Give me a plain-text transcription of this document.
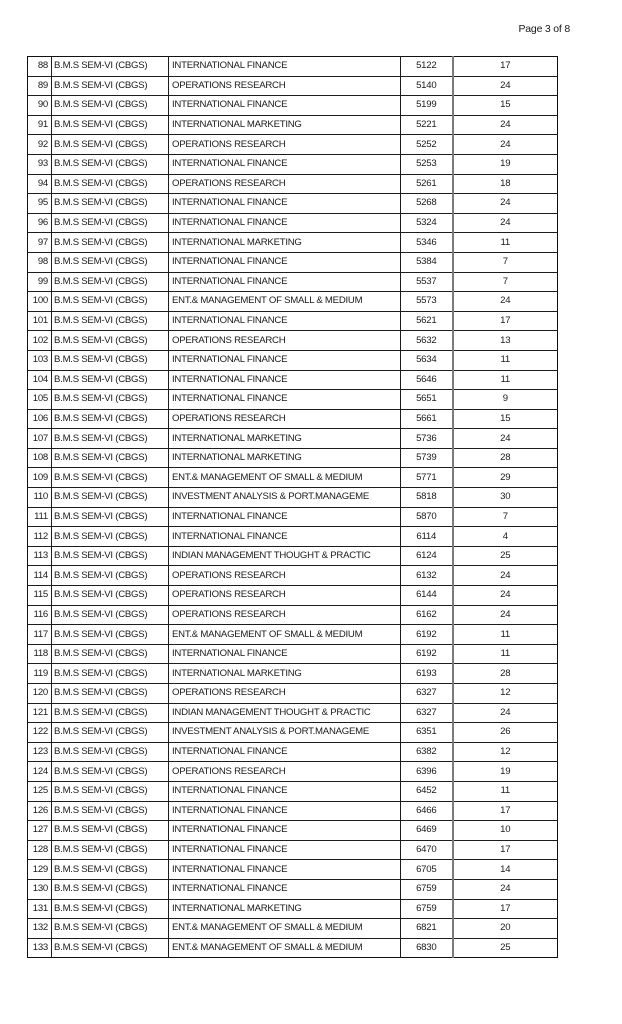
Page 3 of 8
88	B.M.S SEM-VI (CBGS)	INTERNATIONAL FINANCE	5122	17
89	B.M.S SEM-VI (CBGS)	OPERATIONS RESEARCH	5140	24
90	B.M.S SEM-VI (CBGS)	INTERNATIONAL FINANCE	5199	15
91	B.M.S SEM-VI (CBGS)	INTERNATIONAL MARKETING	5221	24
92	B.M.S SEM-VI (CBGS)	OPERATIONS RESEARCH	5252	24
93	B.M.S SEM-VI (CBGS)	INTERNATIONAL FINANCE	5253	19
94	B.M.S SEM-VI (CBGS)	OPERATIONS RESEARCH	5261	18
95	B.M.S SEM-VI (CBGS)	INTERNATIONAL FINANCE	5268	24
96	B.M.S SEM-VI (CBGS)	INTERNATIONAL FINANCE	5324	24
97	B.M.S SEM-VI (CBGS)	INTERNATIONAL MARKETING	5346	11
98	B.M.S SEM-VI (CBGS)	INTERNATIONAL FINANCE	5384	7
99	B.M.S SEM-VI (CBGS)	INTERNATIONAL FINANCE	5537	7
100	B.M.S SEM-VI (CBGS)	ENT.& MANAGEMENT OF SMALL & MEDIUM	5573	24
101	B.M.S SEM-VI (CBGS)	INTERNATIONAL FINANCE	5621	17
102	B.M.S SEM-VI (CBGS)	OPERATIONS RESEARCH	5632	13
103	B.M.S SEM-VI (CBGS)	INTERNATIONAL FINANCE	5634	11
104	B.M.S SEM-VI (CBGS)	INTERNATIONAL FINANCE	5646	11
105	B.M.S SEM-VI (CBGS)	INTERNATIONAL FINANCE	5651	9
106	B.M.S SEM-VI (CBGS)	OPERATIONS RESEARCH	5661	15
107	B.M.S SEM-VI (CBGS)	INTERNATIONAL MARKETING	5736	24
108	B.M.S SEM-VI (CBGS)	INTERNATIONAL MARKETING	5739	28
109	B.M.S SEM-VI (CBGS)	ENT.& MANAGEMENT OF SMALL & MEDIUM	5771	29
110	B.M.S SEM-VI (CBGS)	INVESTMENT ANALYSIS & PORT.MANAGEME	5818	30
111	B.M.S SEM-VI (CBGS)	INTERNATIONAL FINANCE	5870	7
112	B.M.S SEM-VI (CBGS)	INTERNATIONAL FINANCE	6114	4
113	B.M.S SEM-VI (CBGS)	INDIAN MANAGEMENT THOUGHT & PRACTIC	6124	25
114	B.M.S SEM-VI (CBGS)	OPERATIONS RESEARCH	6132	24
115	B.M.S SEM-VI (CBGS)	OPERATIONS RESEARCH	6144	24
116	B.M.S SEM-VI (CBGS)	OPERATIONS RESEARCH	6162	24
117	B.M.S SEM-VI (CBGS)	ENT.& MANAGEMENT OF SMALL & MEDIUM	6192	11
118	B.M.S SEM-VI (CBGS)	INTERNATIONAL FINANCE	6192	11
119	B.M.S SEM-VI (CBGS)	INTERNATIONAL MARKETING	6193	28
120	B.M.S SEM-VI (CBGS)	OPERATIONS RESEARCH	6327	12
121	B.M.S SEM-VI (CBGS)	INDIAN MANAGEMENT THOUGHT & PRACTIC	6327	24
122	B.M.S SEM-VI (CBGS)	INVESTMENT ANALYSIS & PORT.MANAGEME	6351	26
123	B.M.S SEM-VI (CBGS)	INTERNATIONAL FINANCE	6382	12
124	B.M.S SEM-VI (CBGS)	OPERATIONS RESEARCH	6396	19
125	B.M.S SEM-VI (CBGS)	INTERNATIONAL FINANCE	6452	11
126	B.M.S SEM-VI (CBGS)	INTERNATIONAL FINANCE	6466	17
127	B.M.S SEM-VI (CBGS)	INTERNATIONAL FINANCE	6469	10
128	B.M.S SEM-VI (CBGS)	INTERNATIONAL FINANCE	6470	17
129	B.M.S SEM-VI (CBGS)	INTERNATIONAL FINANCE	6705	14
130	B.M.S SEM-VI (CBGS)	INTERNATIONAL FINANCE	6759	24
131	B.M.S SEM-VI (CBGS)	INTERNATIONAL MARKETING	6759	17
132	B.M.S SEM-VI (CBGS)	ENT.& MANAGEMENT OF SMALL & MEDIUM	6821	20
133	B.M.S SEM-VI (CBGS)	ENT.& MANAGEMENT OF SMALL & MEDIUM	6830	25
